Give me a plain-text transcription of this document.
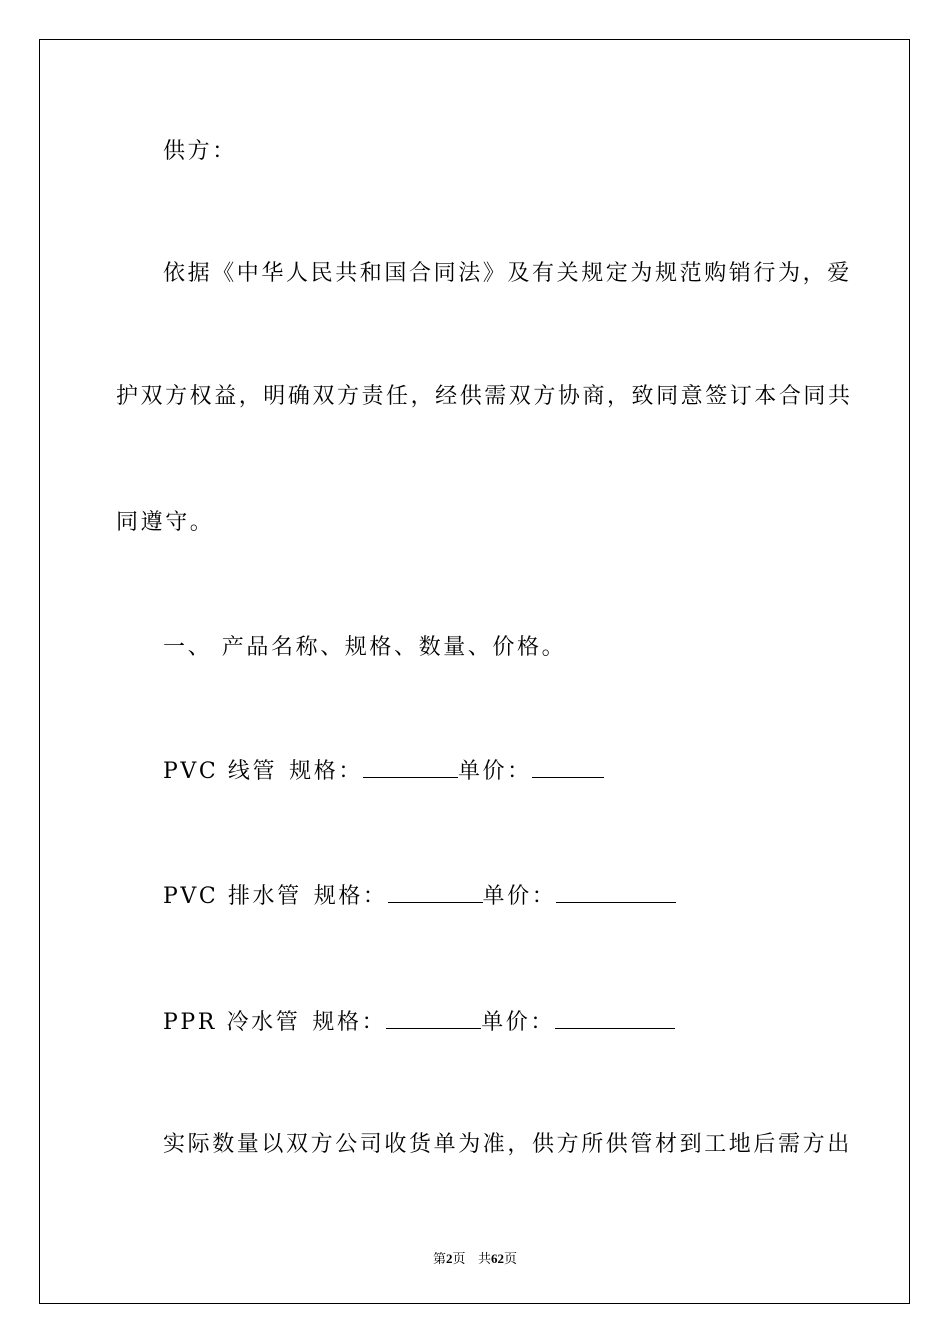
供方：
依据《中华人民共和国合同法》及有关规定为规范购销行为，爱
护双方权益，明确双方责任，经供需双方协商，致同意签订本合同共
同遵守。
一、 产品名称、规格、数量、价格。
PVC 线管 规格：	单价：
PVC 排水管 规格：	单价：
PPR 冷水管 规格：	单价：
实际数量以双方公司收货单为准，供方所供管材到工地后需方出
第2页 共62页
